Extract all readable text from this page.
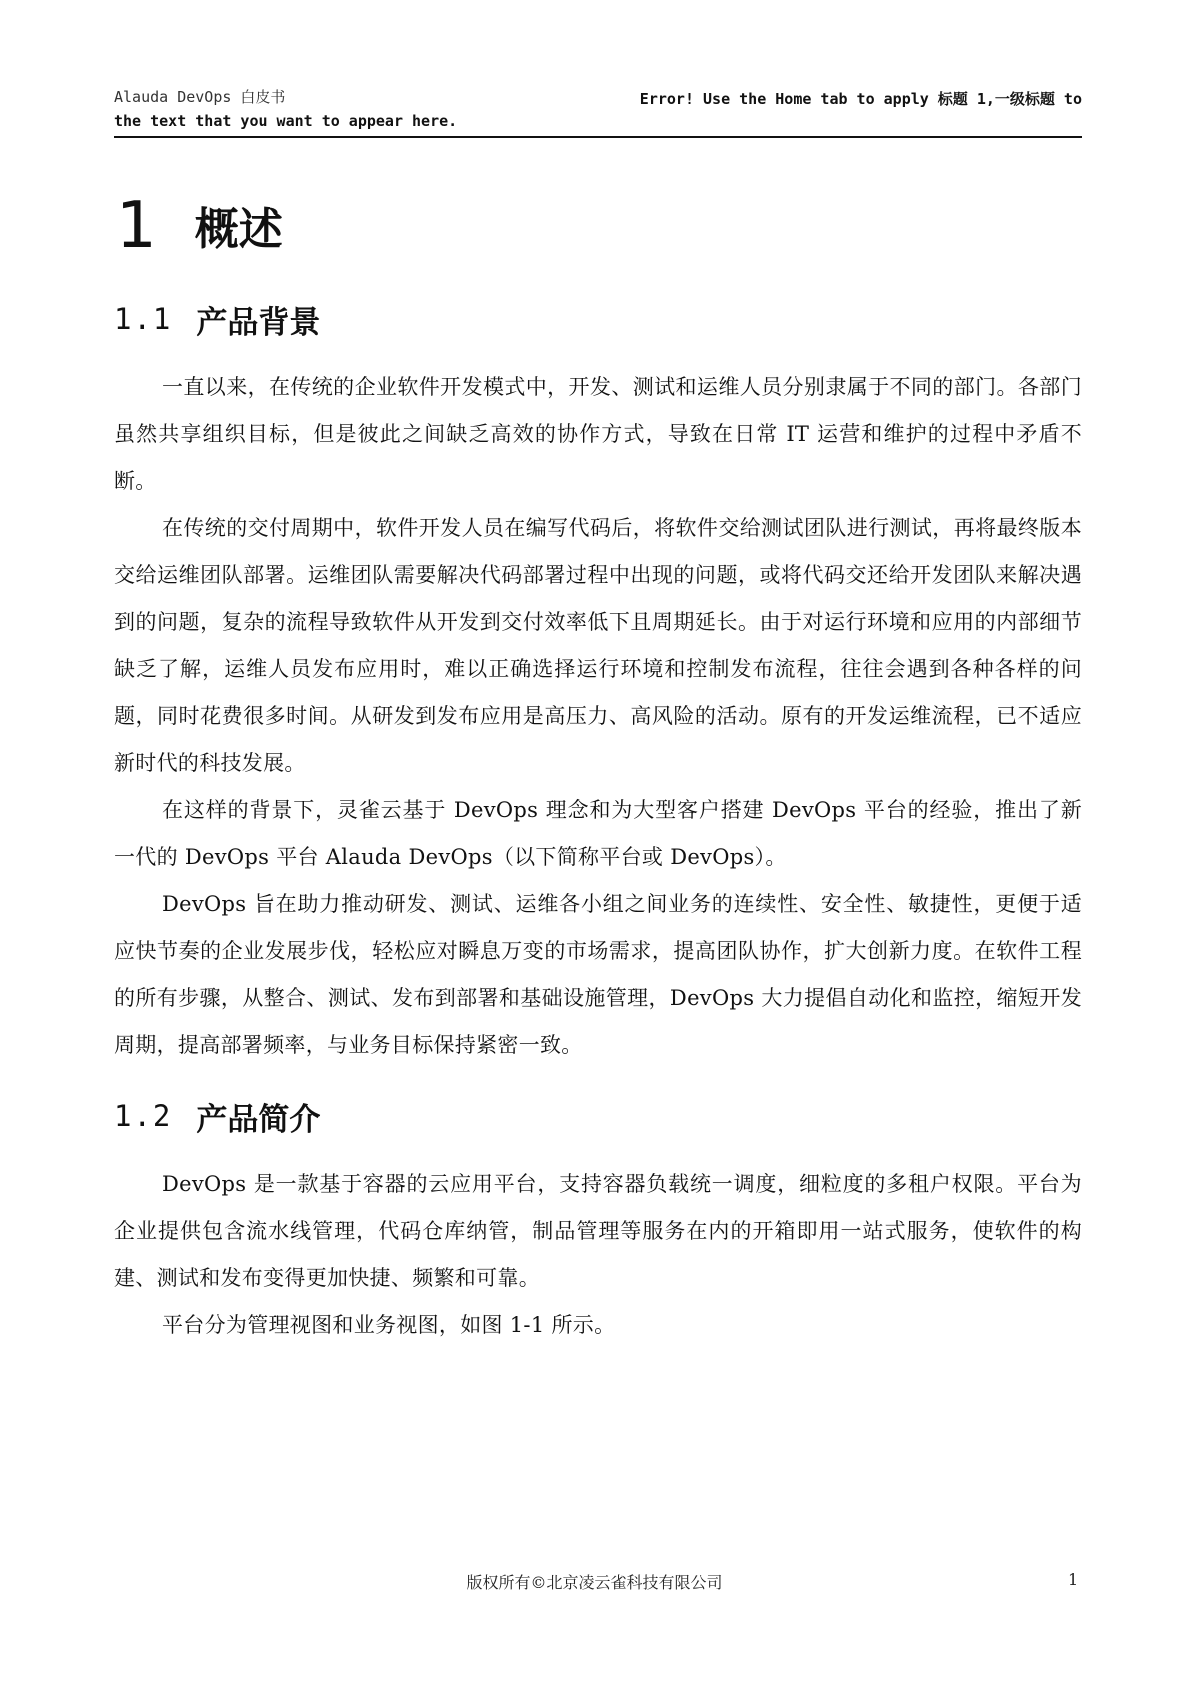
Alauda DevOps 白皮书	Error! Use the Home tab to apply 标题 1,一级标题 to
the text that you want to appear here.
1 概述
1.1 产品背景

一直以来，在传统的企业软件开发模式中，开发、测试和运维人员分别隶属于不同的部门。各部门虽然共享组织目标，但是彼此之间缺乏高效的协作方式，导致在日常 IT 运营和维护的过程中矛盾不断。

在传统的交付周期中，软件开发人员在编写代码后，将软件交给测试团队进行测试，再将最终版本交给运维团队部署。运维团队需要解决代码部署过程中出现的问题，或将代码交还给开发团队来解决遇到的问题，复杂的流程导致软件从开发到交付效率低下且周期延长。由于对运行环境和应用的内部细节缺乏了解，运维人员发布应用时，难以正确选择运行环境和控制发布流程，往往会遇到各种各样的问题，同时花费很多时间。从研发到发布应用是高压力、高风险的活动。原有的开发运维流程，已不适应新时代的科技发展。

在这样的背景下，灵雀云基于 DevOps 理念和为大型客户搭建 DevOps 平台的经验，推出了新一代的 DevOps 平台 Alauda DevOps（以下简称平台或 DevOps）。

DevOps 旨在助力推动研发、测试、运维各小组之间业务的连续性、安全性、敏捷性，更便于适应快节奏的企业发展步伐，轻松应对瞬息万变的市场需求，提高团队协作，扩大创新力度。在软件工程的所有步骤，从整合、测试、发布到部署和基础设施管理，DevOps 大力提倡自动化和监控，缩短开发周期，提高部署频率，与业务目标保持紧密一致。

1.2 产品简介

DevOps 是一款基于容器的云应用平台，支持容器负载统一调度，细粒度的多租户权限。平台为企业提供包含流水线管理，代码仓库纳管，制品管理等服务在内的开箱即用一站式服务，使软件的构建、测试和发布变得更加快捷、频繁和可靠。

平台分为管理视图和业务视图，如图 1-1 所示。

版权所有©北京凌云雀科技有限公司	1
